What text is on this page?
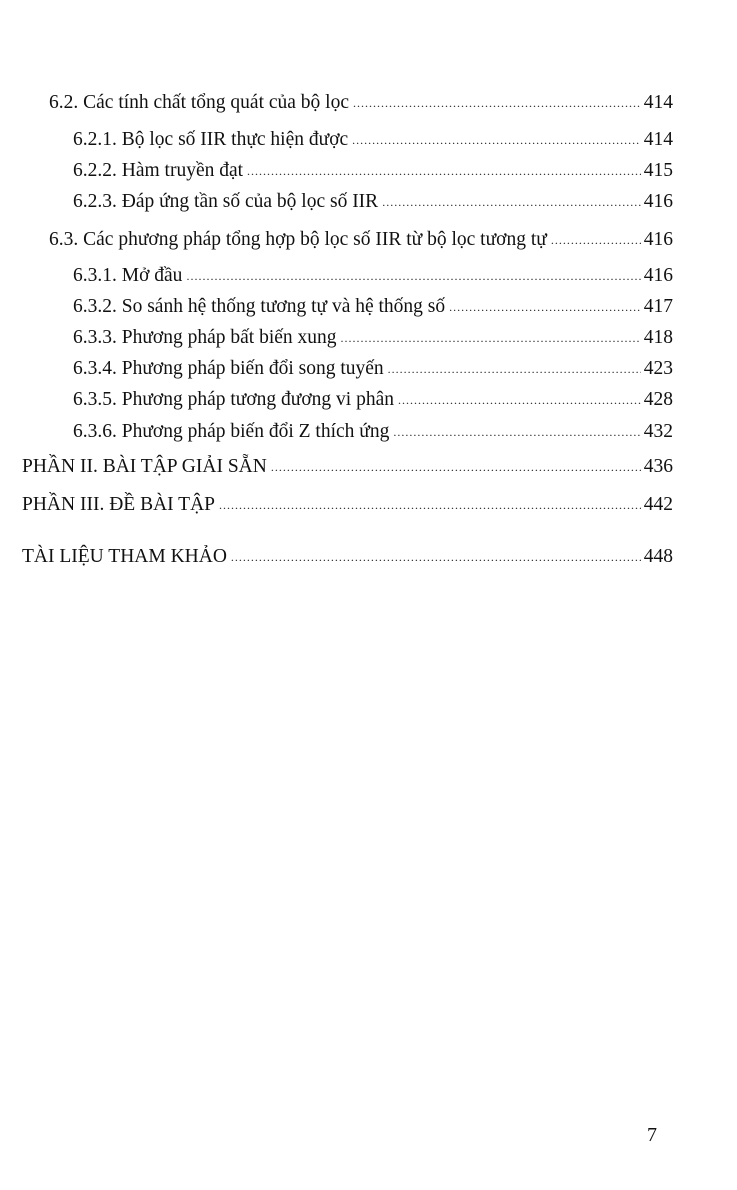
6.2. Các tính chất tổng quát của bộ lọc .....	414
6.2.1. Bộ lọc số IIR thực hiện được .....	414
6.2.2. Hàm truyền đạt .....	415
6.2.3. Đáp ứng tần số của bộ lọc số IIR .....	416
6.3. Các phương pháp tổng hợp bộ lọc số IIR từ bộ lọc tương tự .....	416
6.3.1. Mở đầu .....	416
6.3.2. So sánh hệ thống tương tự và hệ thống số .....	417
6.3.3. Phương pháp bất biến xung .....	418
6.3.4. Phương pháp biến đổi song tuyến .....	423
6.3.5. Phương pháp tương đương vi phân .....	428
6.3.6. Phương pháp biến đổi Z thích ứng .....	432
PHẦN II. BÀI TẬP GIẢI SẴN .....	436
PHẦN III. ĐỀ BÀI TẬP .....	442
TÀI LIỆU THAM KHẢO .....	448
7
